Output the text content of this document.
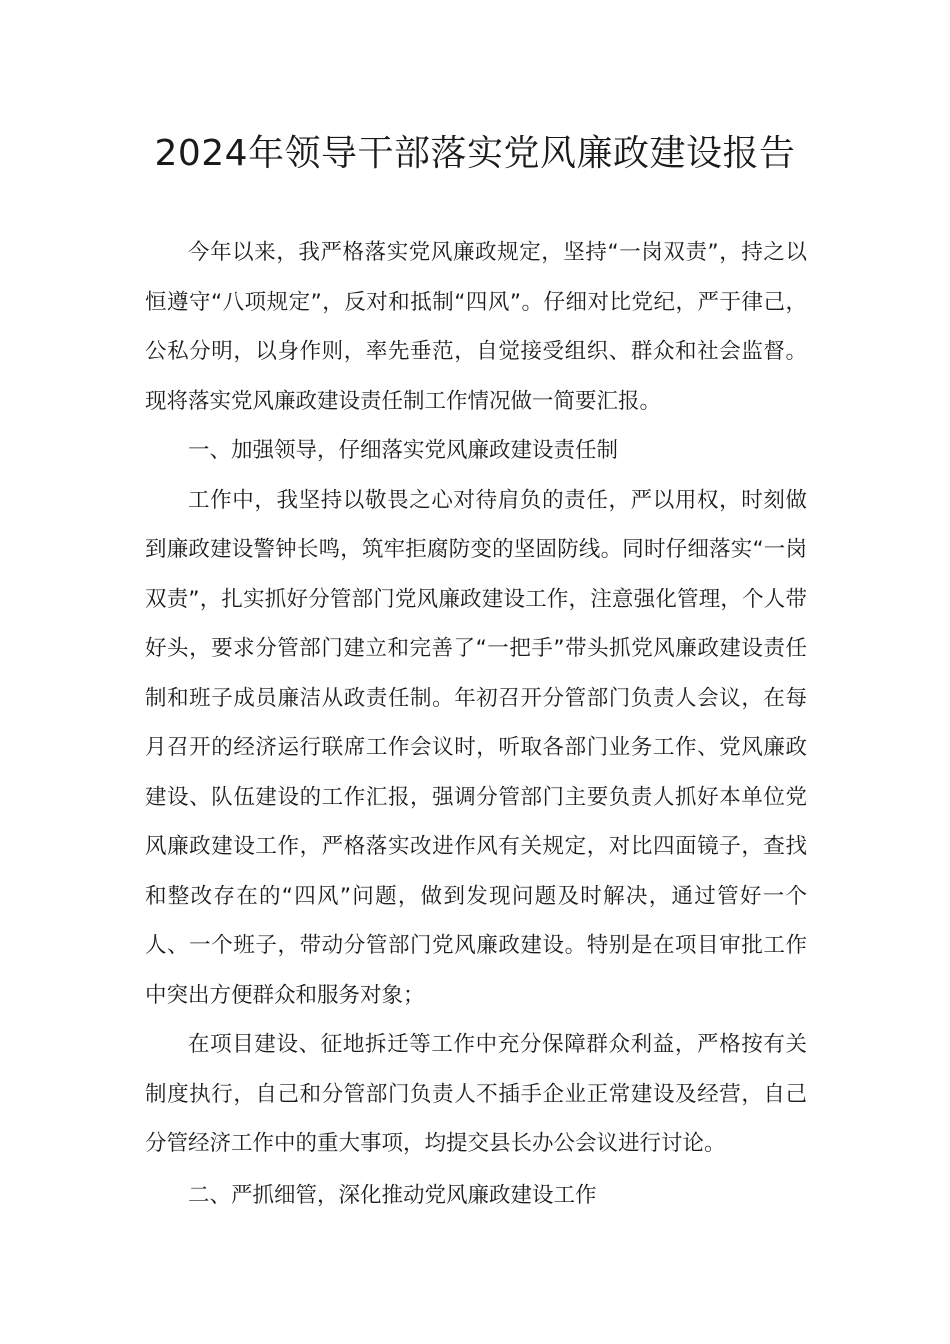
2024年领导干部落实党风廉政建设报告

今年以来，我严格落实党风廉政规定，坚持“一岗双责”，持之以恒遵守“八项规定”，反对和抵制“四风”。仔细对比党纪，严于律己，公私分明，以身作则，率先垂范，自觉接受组织、群众和社会监督。现将落实党风廉政建设责任制工作情况做一简要汇报。

一、加强领导，仔细落实党风廉政建设责任制

工作中，我坚持以敬畏之心对待肩负的责任，严以用权，时刻做到廉政建设警钟长鸣，筑牢拒腐防变的坚固防线。同时仔细落实“一岗双责”，扎实抓好分管部门党风廉政建设工作，注意强化管理，个人带好头，要求分管部门建立和完善了“一把手”带头抓党风廉政建设责任制和班子成员廉洁从政责任制。年初召开分管部门负责人会议，在每月召开的经济运行联席工作会议时，听取各部门业务工作、党风廉政建设、队伍建设的工作汇报，强调分管部门主要负责人抓好本单位党风廉政建设工作，严格落实改进作风有关规定，对比四面镜子，查找和整改存在的“四风”问题，做到发现问题及时解决，通过管好一个人、一个班子，带动分管部门党风廉政建设。特别是在项目审批工作中突出方便群众和服务对象；

在项目建设、征地拆迁等工作中充分保障群众利益，严格按有关制度执行，自己和分管部门负责人不插手企业正常建设及经营，自己分管经济工作中的重大事项，均提交县长办公会议进行讨论。

二、严抓细管，深化推动党风廉政建设工作
